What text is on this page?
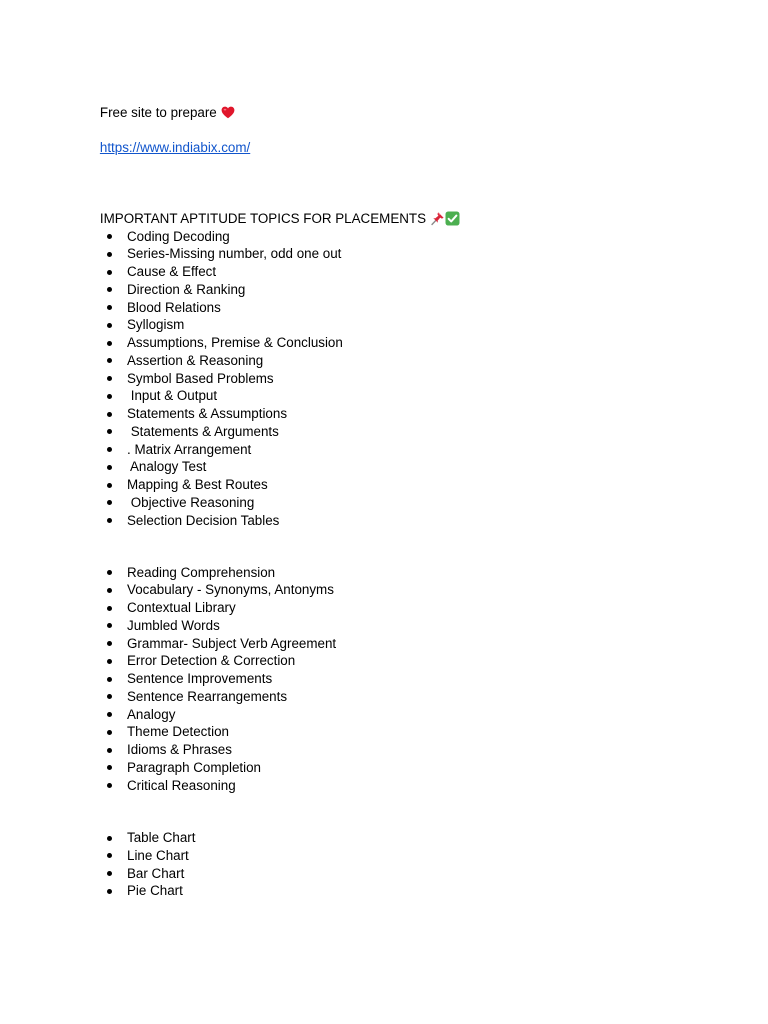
Free site to prepare

https://www.indiabix.com/

IMPORTANT APTITUDE TOPICS FOR PLACEMENTS

Coding Decoding
Series-Missing number, odd one out
Cause & Effect
Direction & Ranking
Blood Relations
Syllogism
Assumptions, Premise & Conclusion
Assertion & Reasoning
Symbol Based Problems
Input & Output
Statements & Assumptions
Statements & Arguments
. Matrix Arrangement
Analogy Test
Mapping & Best Routes
Objective Reasoning
Selection Decision Tables
Reading Comprehension
Vocabulary - Synonyms, Antonyms
Contextual Library
Jumbled Words
Grammar- Subject Verb Agreement
Error Detection & Correction
Sentence Improvements
Sentence Rearrangements
Analogy
Theme Detection
Idioms & Phrases
Paragraph Completion
Critical Reasoning
Table Chart
Line Chart
Bar Chart
Pie Chart
